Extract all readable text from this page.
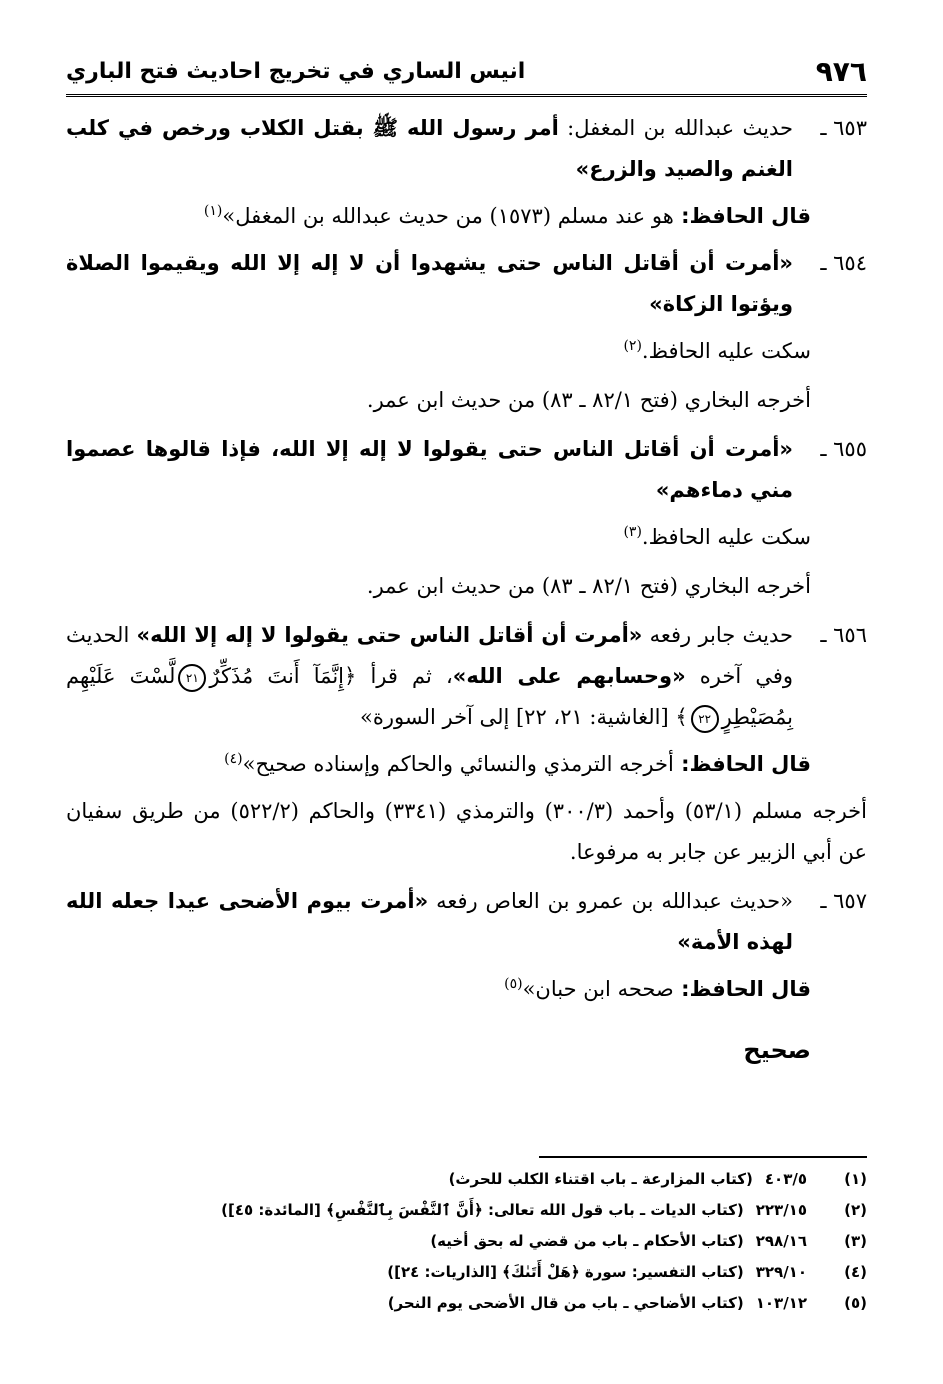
٩٧٦
انيس الساري في تخريج احاديث فتح الباري
٦٥٣ ـ
حديث عبدالله بن المغفل: أمر رسول الله ﷺ بقتل الكلاب ورخص في كلب الغنم والصيد والزرع»
قال الحافظ: هو عند مسلم (١٥٧٣) من حديث عبدالله بن المغفل»$^{(١)}$
٦٥٤ ـ
«أمرت أن أقاتل الناس حتى يشهدوا أن لا إله إلا الله ويقيموا الصلاة ويؤتوا الزكاة»
سكت عليه الحافظ.$^{(٢)}$
أخرجه البخاري (فتح ٨٢/١ ـ ٨٣) من حديث ابن عمر.
٦٥٥ ـ
«أمرت أن أقاتل الناس حتى يقولوا لا إله إلا الله، فإذا قالوها عصموا مني دماءهم»
سكت عليه الحافظ.$^{(٣)}$
أخرجه البخاري (فتح ٨٢/١ ـ ٨٣) من حديث ابن عمر.
٦٥٦ ـ
حديث جابر رفعه «أمرت أن أقاتل الناس حتى يقولوا لا إله إلا الله» الحديث وفي آخره «وحسابهم على الله»، ثم قرأ ﴿إِنَّمَآ أَنتَ مُذَكِّرٌ٢١لَّسْتَ عَلَيْهِم بِمُصَيْطِرٍ٢٢﴾ [الغاشية: ٢١، ٢٢] إلى آخر السورة»
قال الحافظ: أخرجه الترمذي والنسائي والحاكم وإسناده صحيح»$^{(٤)}$
أخرجه مسلم (٥٣/١) وأحمد (٣٠٠/٣) والترمذي (٣٣٤١) والحاكم (٥٢٢/٢) من طريق سفيان عن أبي الزبير عن جابر به مرفوعا.
٦٥٧ ـ
«حديث عبدالله بن عمرو بن العاص رفعه «أمرت بيوم الأضحى عيدا جعله الله لهذه الأمة»
قال الحافظ: صححه ابن حبان»$^{(٥)}$
صحيح
(١)
٤٠٣/٥
(كتاب المزارعة ـ باب اقتناء الكلب للحرث)
(٢)
٢٢٣/١٥
(كتاب الديات ـ باب قول الله تعالى: ﴿أَنَّ ٱلنَّفْسَ بِٱلنَّفْسِ﴾ [المائدة: ٤٥])
(٣)
٢٩٨/١٦
(كتاب الأحكام ـ باب من قضي له بحق أخيه)
(٤)
٣٢٩/١٠
(كتاب التفسير: سورة ﴿هَلْ أَتَىٰكَ﴾ [الذاريات: ٢٤])
(٥)
١٠٣/١٢
(كتاب الأضاحي ـ باب من قال الأضحى يوم النحر)
